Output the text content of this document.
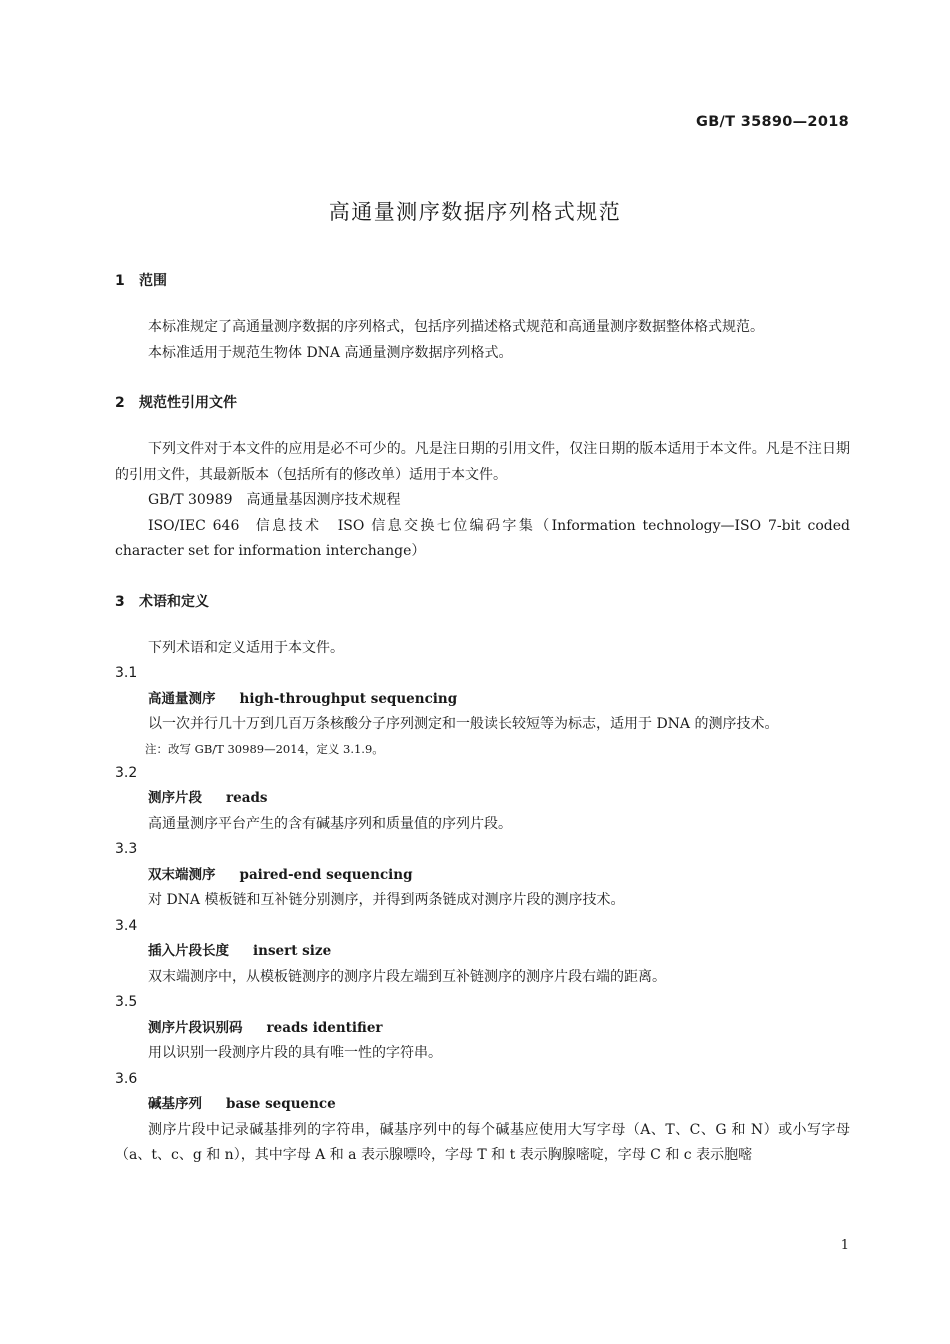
GB/T 35890—2018
高通量测序数据序列格式规范
1 范围

本标准规定了高通量测序数据的序列格式，包括序列描述格式规范和高通量测序数据整体格式规范。

本标准适用于规范生物体 DNA 高通量测序数据序列格式。

2 规范性引用文件

下列文件对于本文件的应用是必不可少的。凡是注日期的引用文件，仅注日期的版本适用于本文件。凡是不注日期的引用文件，其最新版本（包括所有的修改单）适用于本文件。

GB/T 30989 高通量基因测序技术规程

ISO/IEC 646 信息技术　ISO 信息交换七位编码字集（Information technology—ISO 7-bit coded character set for information interchange）

3 术语和定义

下列术语和定义适用于本文件。

3.1
高通量测序 high-throughput sequencing

以一次并行几十万到几百万条核酸分子序列测定和一般读长较短等为标志，适用于 DNA 的测序技术。

注：改写 GB/T 30989—2014，定义 3.1.9。

3.2
测序片段 reads

高通量测序平台产生的含有碱基序列和质量值的序列片段。

3.3
双末端测序 paired-end sequencing

对 DNA 模板链和互补链分别测序，并得到两条链成对测序片段的测序技术。

3.4
插入片段长度 insert size

双末端测序中，从模板链测序的测序片段左端到互补链测序的测序片段右端的距离。

3.5
测序片段识别码 reads identifier

用以识别一段测序片段的具有唯一性的字符串。

3.6
碱基序列 base sequence

测序片段中记录碱基排列的字符串，碱基序列中的每个碱基应使用大写字母（A、T、C、G 和 N）或小写字母（a、t、c、g 和 n），其中字母 A 和 a 表示腺嘌呤，字母 T 和 t 表示胸腺嘧啶，字母 C 和 c 表示胞嘧

1
